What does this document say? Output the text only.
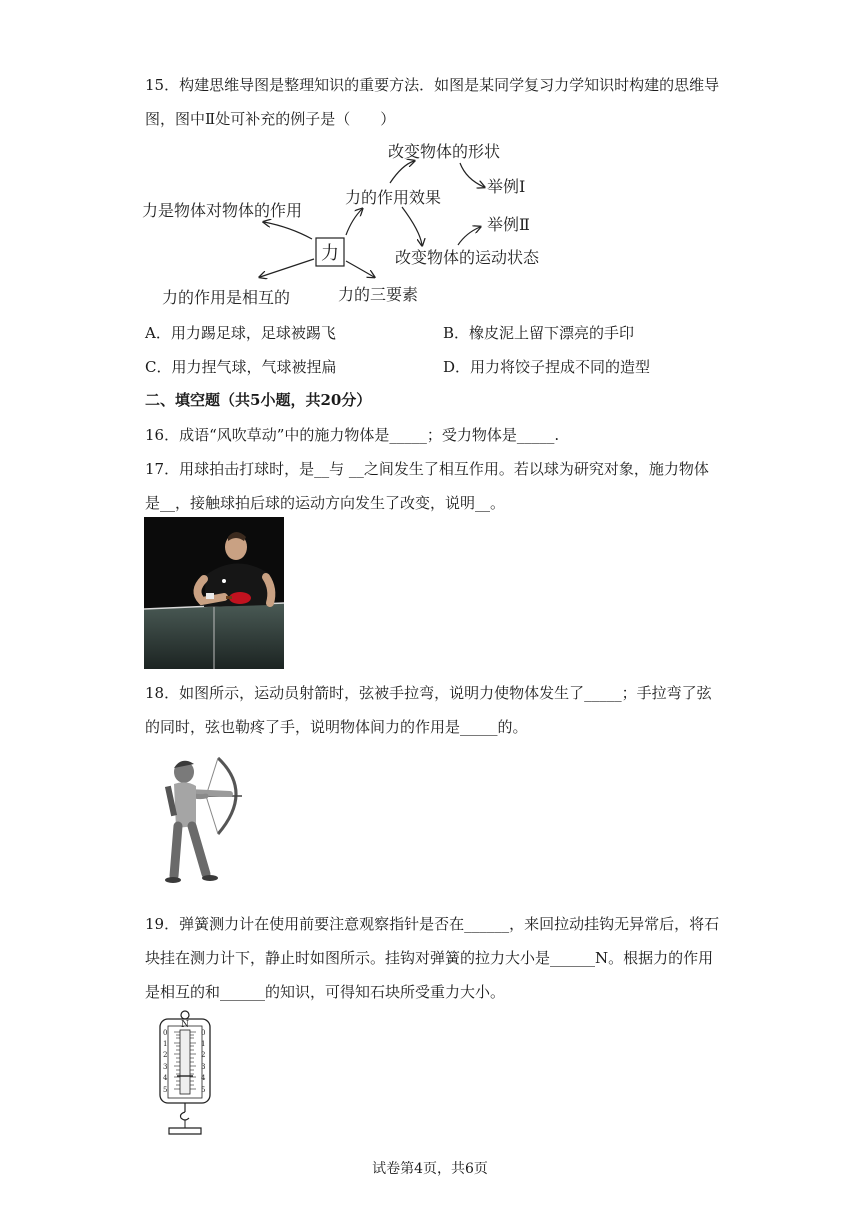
15．构建思维导图是整理知识的重要方法．如图是某同学复习力学知识时构建的思维导
图，图中Ⅱ处可补充的例子是（　　）
力
力是物体对物体的作用
力的作用是相互的	力的三要素
力的作用效果
改变物体的形状
举例Ⅰ
举例Ⅱ
改变物体的运动状态
A．用力踢足球，足球被踢飞	B．橡皮泥上留下漂亮的手印
C．用力捏气球，气球被捏扁	D．用力将饺子捏成不同的造型
二、填空题（共5小题，共20分）
16．成语“风吹草动”中的施力物体是_____；受力物体是_____.
17．用球拍击打球时，是__与 __之间发生了相互作用。若以球为研究对象，施力物体
是__，接触球拍后球的运动方向发生了改变，说明__。
18．如图所示，运动员射箭时，弦被手拉弯，说明力使物体发生了_____；手拉弯了弦
的同时，弦也勒疼了手，说明物体间力的作用是_____的。
19．弹簧测力计在使用前要注意观察指针是否在______，来回拉动挂钩无异常后，将石
块挂在测力计下，静止时如图所示。挂钩对弹簧的拉力大小是______N。根据力的作用
是相互的和______的知识，可得知石块所受重力大小。
N
0	0
1	1
2	2
3	3
4	4
5	5
试卷第4页，共6页
